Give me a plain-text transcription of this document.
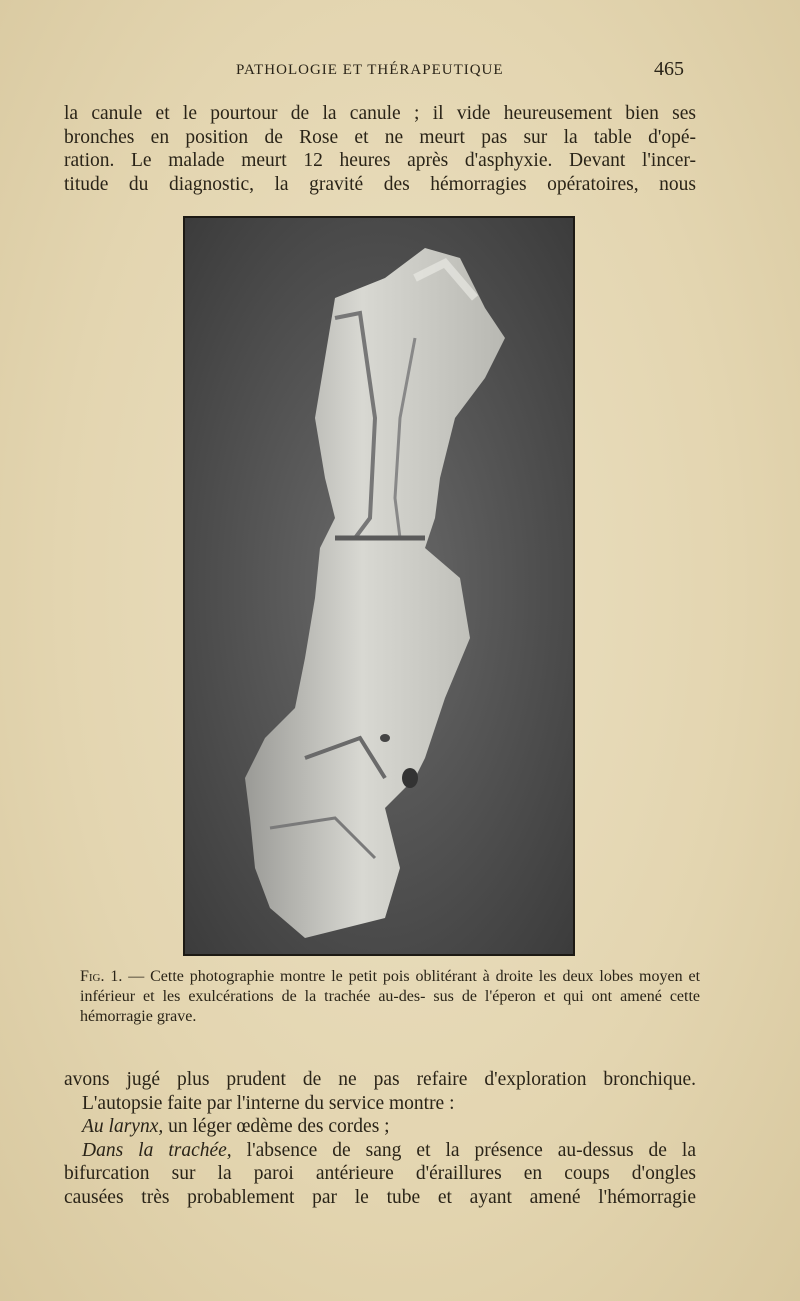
PATHOLOGIE ET THÉRAPEUTIQUE	465
la canule et le pourtour de la canule ; il vide heureusement bien ses
bronches en position de Rose et ne meurt pas sur la table d'opé-
ration. Le malade meurt 12 heures après d'asphyxie. Devant l'incer-
titude du diagnostic, la gravité des hémorragies opératoires, nous

Fig. 1. — Cette photographie montre le petit pois oblitérant à droite les deux lobes moyen et inférieur et les exulcérations de la trachée au-des- sus de l'éperon et qui ont amené cette hémorragie grave.

avons jugé plus prudent de ne pas refaire d'exploration bronchique.
L'autopsie faite par l'interne du service montre :
Au larynx, un léger œdème des cordes ;
Dans la trachée, l'absence de sang et la présence au-dessus de la
bifurcation sur la paroi antérieure d'éraillures en coups d'ongles
causées très probablement par le tube et ayant amené l'hémorragie
